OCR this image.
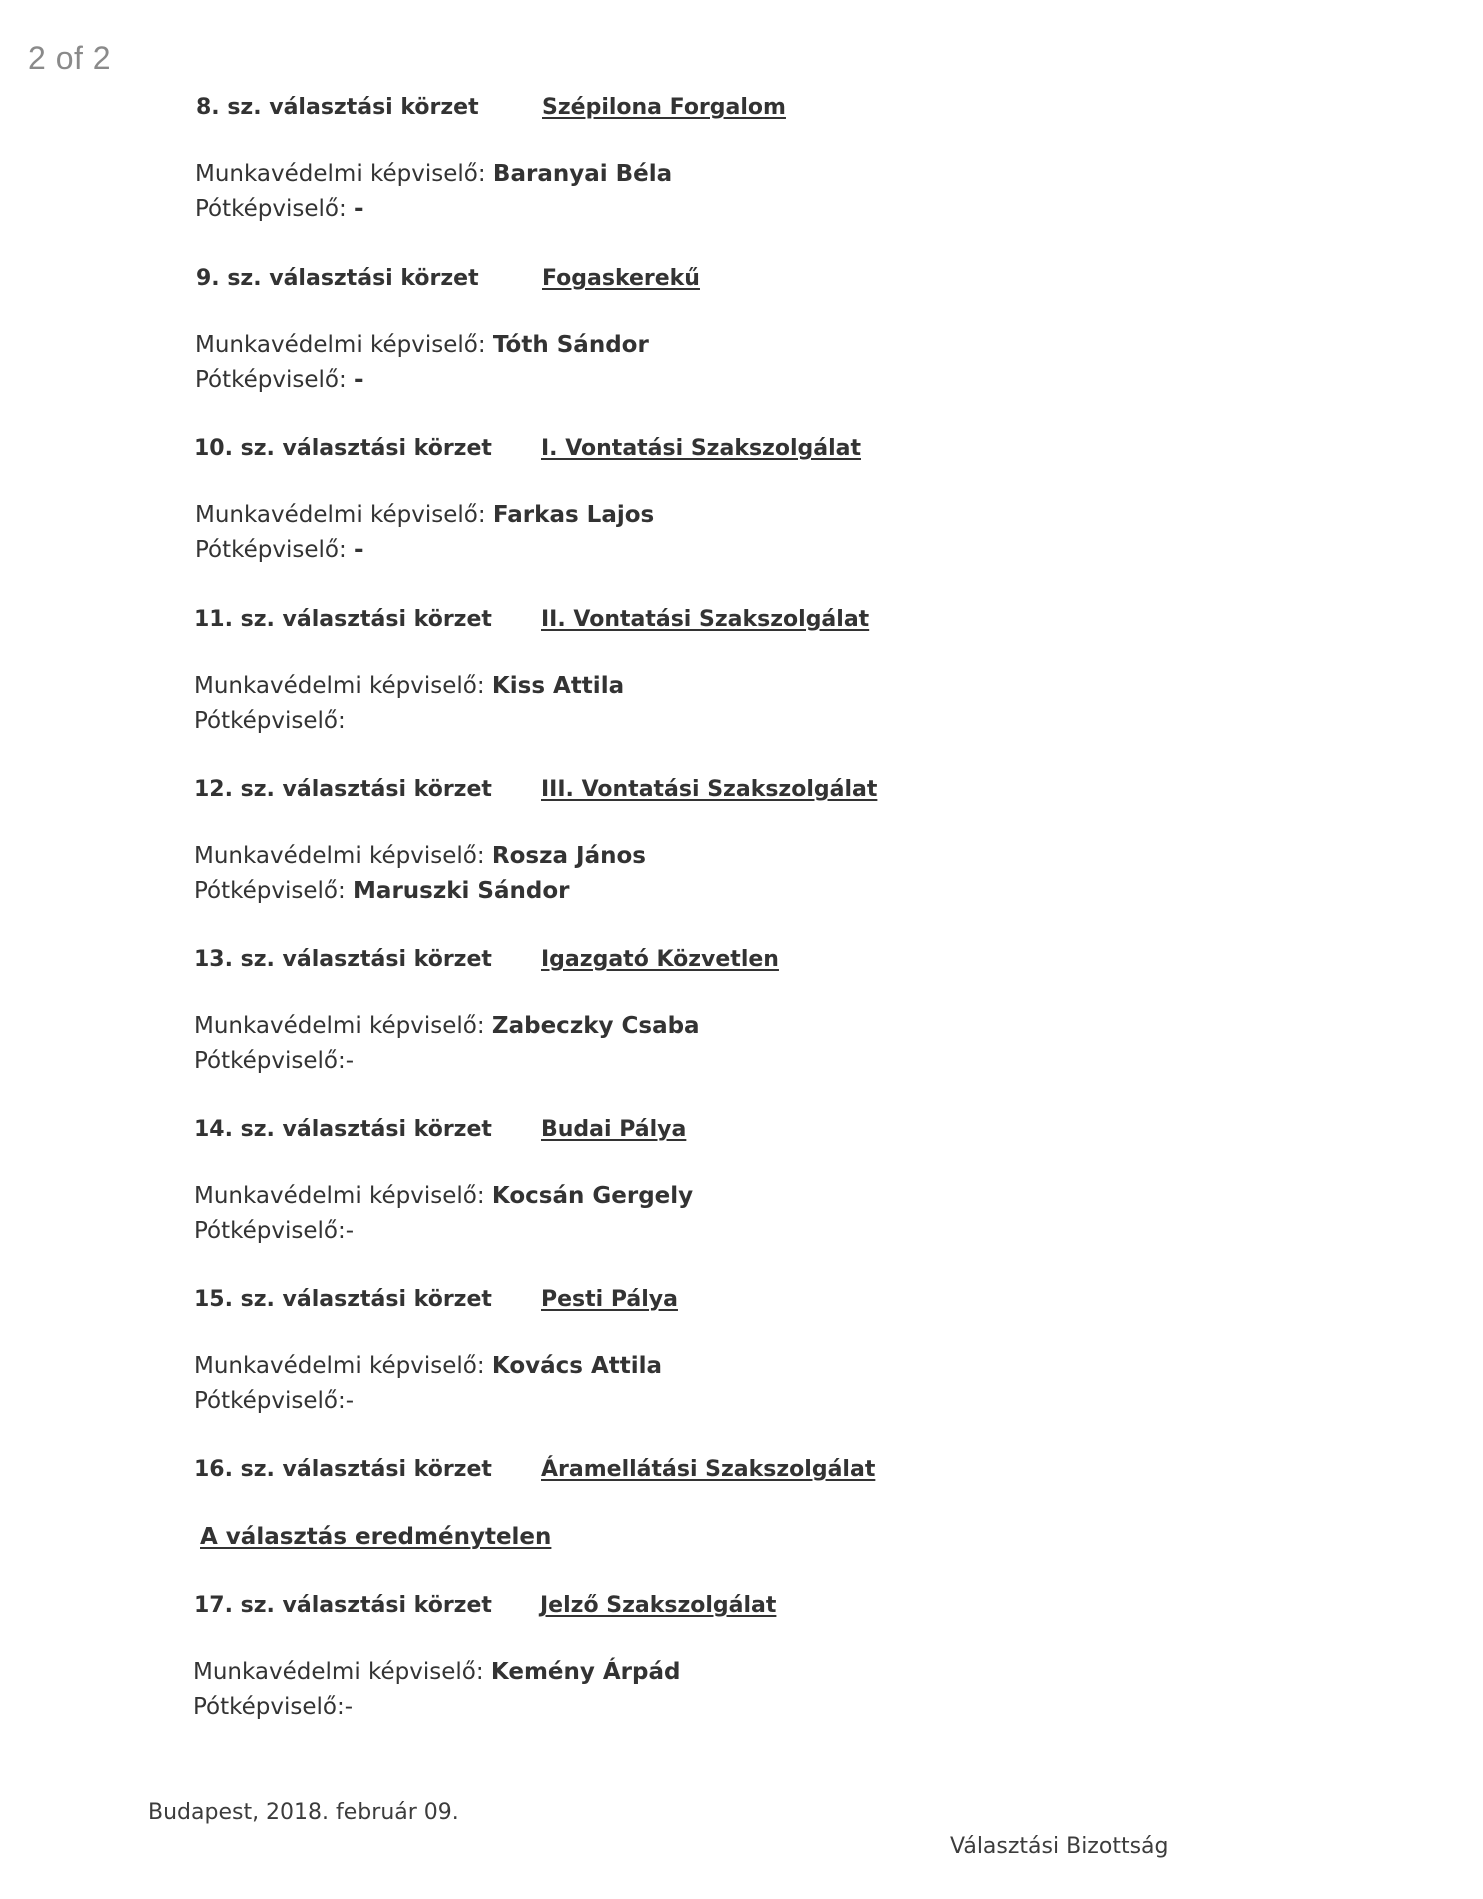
2 of 2
8. sz. választási körzet	Szépilona Forgalom
Munkavédelmi képviselő: Baranyai Béla
Pótképviselő: -
9. sz. választási körzet	Fogaskerekű
Munkavédelmi képviselő: Tóth Sándor
Pótképviselő: -
10. sz. választási körzet I. Vontatási Szakszolgálat
Munkavédelmi képviselő: Farkas Lajos
Pótképviselő: -
11. sz. választási körzet II. Vontatási Szakszolgálat
Munkavédelmi képviselő: Kiss Attila
Pótképviselő:
12. sz. választási körzet III. Vontatási Szakszolgálat
Munkavédelmi képviselő: Rosza János
Pótképviselő: Maruszki Sándor
13. sz. választási körzet Igazgató Közvetlen
Munkavédelmi képviselő: Zabeczky Csaba
Pótképviselő:-
14. sz. választási körzet Budai Pálya
Munkavédelmi képviselő: Kocsán Gergely
Pótképviselő:-
15. sz. választási körzet Pesti Pálya
Munkavédelmi képviselő: Kovács Attila
Pótképviselő:-
16. sz. választási körzet Áramellátási Szakszolgálat
A választás eredménytelen
17. sz. választási körzet Jelző Szakszolgálat
Munkavédelmi képviselő: Kemény Árpád
Pótképviselő:-
Budapest, 2018. február 09.
Választási Bizottság
